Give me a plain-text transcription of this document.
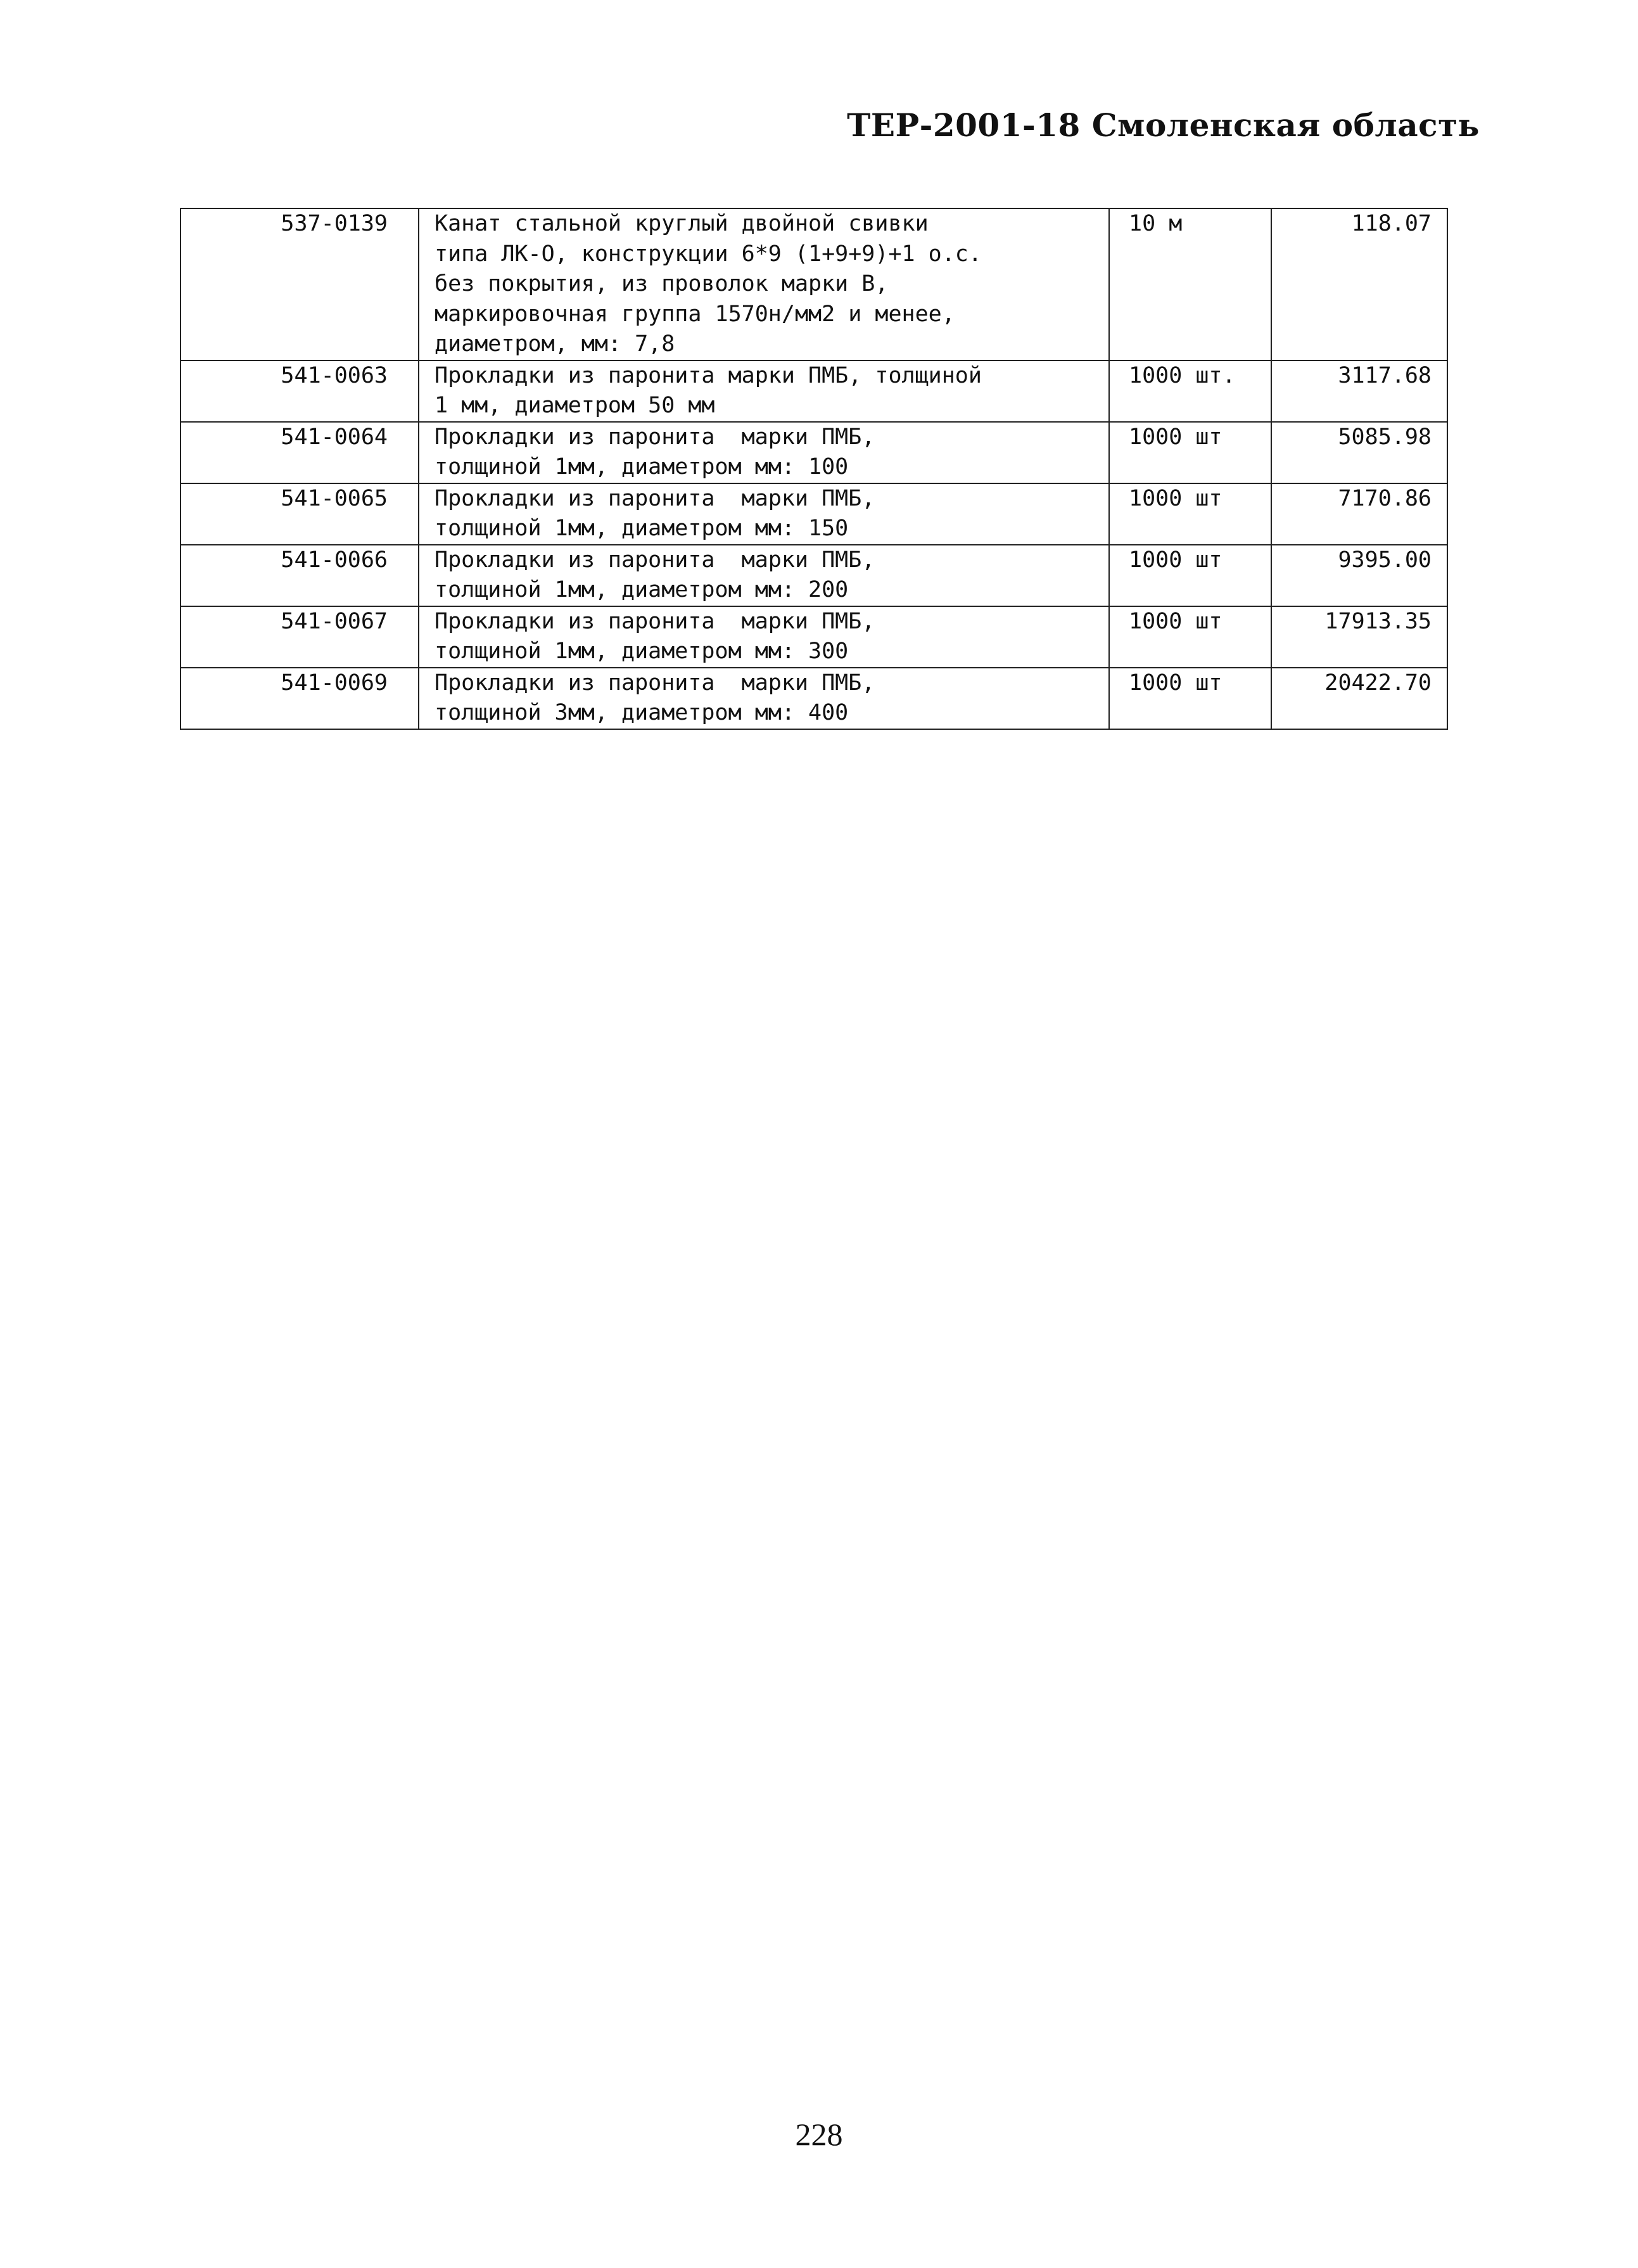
ТЕР-2001-18 Смоленская область
537-0139	Канат стальной круглый двойной свивки
типа ЛК-О, конструкции 6*9 (1+9+9)+1 о.с.
без покрытия, из проволок марки В,
маркировочная группа 1570н/мм2 и менее,
диаметром, мм: 7,8	10 м	118.07
541-0063	Прокладки из паронита марки ПМБ, толщиной
1 мм, диаметром 50 мм	1000 шт.	3117.68
541-0064	Прокладки из паронита  марки ПМБ,
толщиной 1мм, диаметром мм: 100	1000 шт	5085.98
541-0065	Прокладки из паронита  марки ПМБ,
толщиной 1мм, диаметром мм: 150	1000 шт	7170.86
541-0066	Прокладки из паронита  марки ПМБ,
толщиной 1мм, диаметром мм: 200	1000 шт	9395.00
541-0067	Прокладки из паронита  марки ПМБ,
толщиной 1мм, диаметром мм: 300	1000 шт	17913.35
541-0069	Прокладки из паронита  марки ПМБ,
толщиной 3мм, диаметром мм: 400	1000 шт	20422.70
228
